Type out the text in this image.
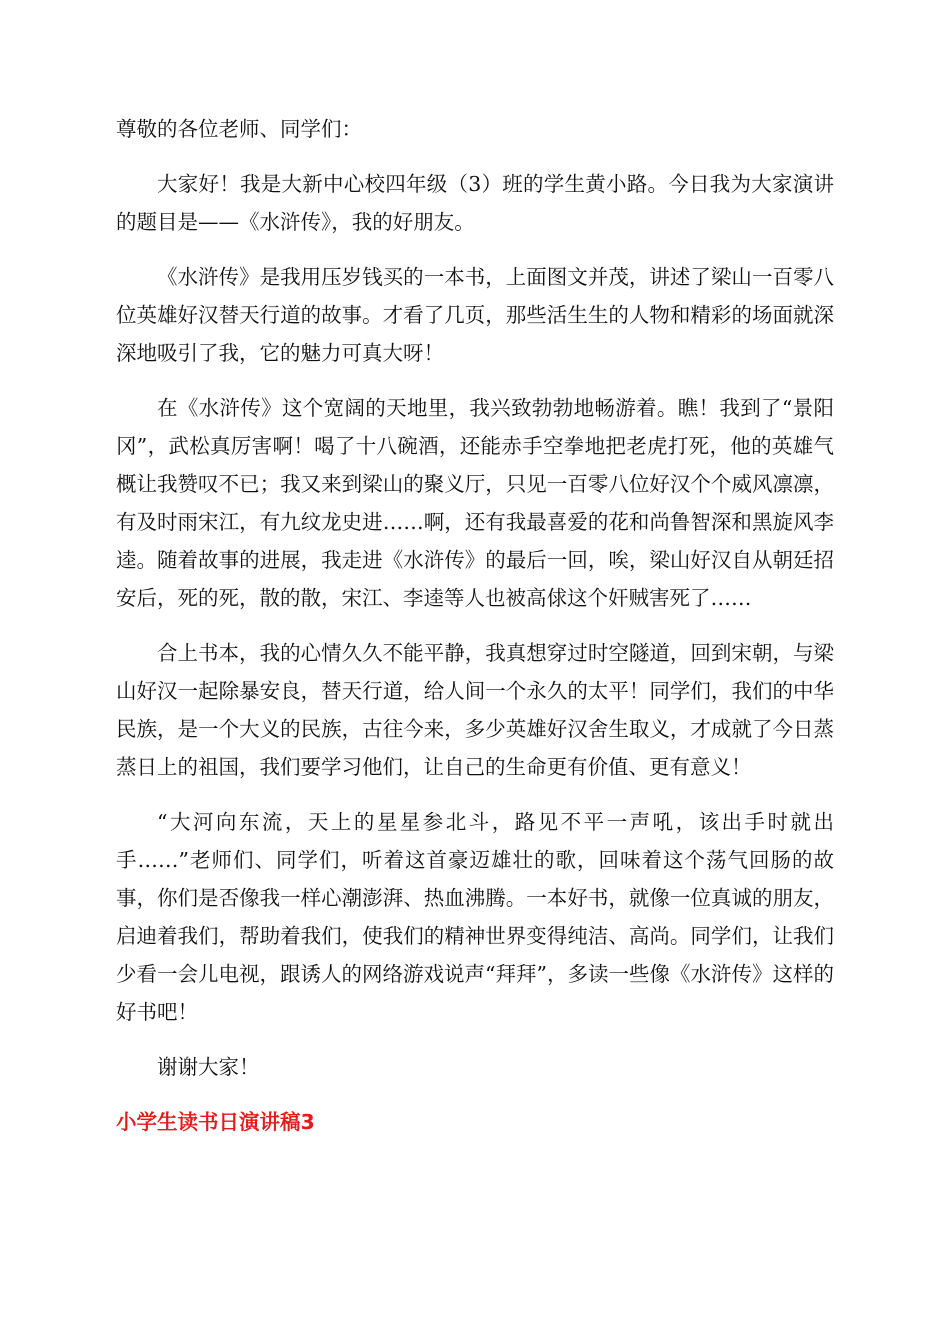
尊敬的各位老师、同学们：

大家好！我是大新中心校四年级（3）班的学生黄小路。今日我为大家演讲的题目是——《水浒传》，我的好朋友。

《水浒传》是我用压岁钱买的一本书，上面图文并茂，讲述了梁山一百零八位英雄好汉替天行道的故事。才看了几页，那些活生生的人物和精彩的场面就深深地吸引了我，它的魅力可真大呀！

在《水浒传》这个宽阔的天地里，我兴致勃勃地畅游着。瞧！我到了“景阳冈”，武松真厉害啊！喝了十八碗酒，还能赤手空拳地把老虎打死，他的英雄气概让我赞叹不已；我又来到梁山的聚义厅，只见一百零八位好汉个个威风凛凛，有及时雨宋江，有九纹龙史进……啊，还有我最喜爱的花和尚鲁智深和黑旋风李逵。随着故事的进展，我走进《水浒传》的最后一回，唉，梁山好汉自从朝廷招安后，死的死，散的散，宋江、李逵等人也被高俅这个奸贼害死了……

合上书本，我的心情久久不能平静，我真想穿过时空隧道，回到宋朝，与梁山好汉一起除暴安良，替天行道，给人间一个永久的太平！同学们，我们的中华民族，是一个大义的民族，古往今来，多少英雄好汉舍生取义，才成就了今日蒸蒸日上的祖国，我们要学习他们，让自己的生命更有价值、更有意义！

“大河向东流，天上的星星参北斗，路见不平一声吼，该出手时就出手……”老师们、同学们，听着这首豪迈雄壮的歌，回味着这个荡气回肠的故事，你们是否像我一样心潮澎湃、热血沸腾。一本好书，就像一位真诚的朋友，启迪着我们，帮助着我们，使我们的精神世界变得纯洁、高尚。同学们，让我们少看一会儿电视，跟诱人的网络游戏说声“拜拜”，多读一些像《水浒传》这样的好书吧！

谢谢大家！

小学生读书日演讲稿3
